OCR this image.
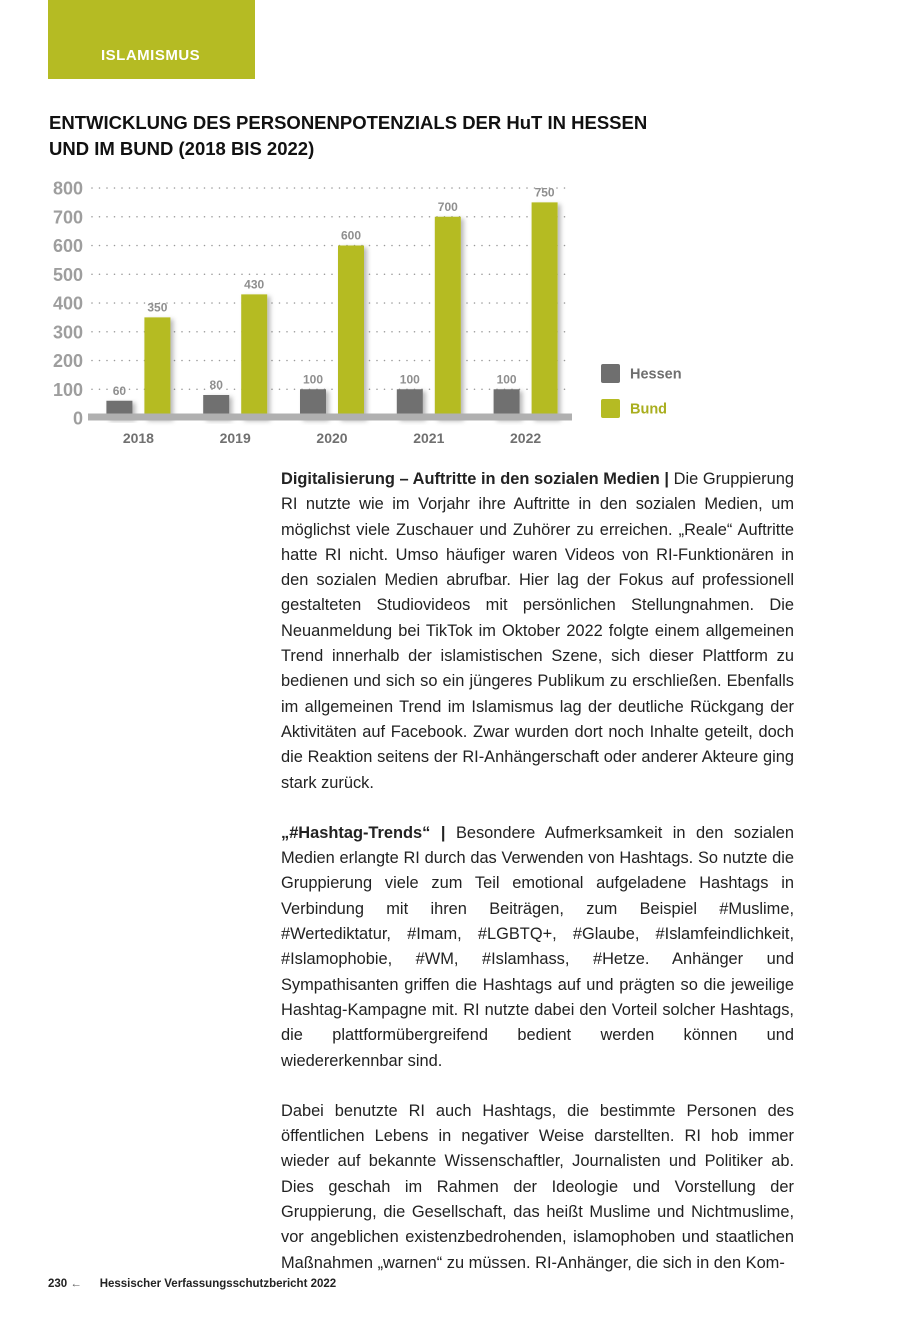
ISLAMISMUS
ENTWICKLUNG DES PERSONENPOTENZIALS DER HuT IN HESSEN
UND IM BUND (2018 BIS 2022)
60
350
80
430
100
600
100
700
100
750
800
700
600
500
400
300
200
100
0
2018	2019	2020	2021	2022
Hessen
Bund

Digitalisierung – Auftritte in den sozialen Medien | Die Gruppierung RI nutzte wie im Vorjahr ihre Auftritte in den sozialen Medien, um möglichst viele Zuschauer und Zuhörer zu erreichen. „Reale“ Auftritte hatte RI nicht. Umso häufiger waren Videos von RI-Funktionären in den sozialen Medien abrufbar. Hier lag der Fokus auf professionell gestalteten Studiovideos mit persönlichen Stellungnahmen. Die Neuanmeldung bei TikTok im Oktober 2022 folgte einem allgemeinen Trend innerhalb der islamistischen Szene, sich dieser Plattform zu bedienen und sich so ein jüngeres Publikum zu erschließen. Ebenfalls im allgemeinen Trend im Islamismus lag der deutliche Rückgang der Aktivitäten auf Facebook. Zwar wurden dort noch Inhalte geteilt, doch die Reaktion seitens der RI-Anhängerschaft oder anderer Akteure ging stark zurück.

„#Hashtag-Trends“ | Besondere Aufmerksamkeit in den sozialen Medien erlangte RI durch das Verwenden von Hashtags. So nutzte die Gruppierung viele zum Teil emotional aufgeladene Hashtags in Verbindung mit ihren Beiträgen, zum Beispiel #Muslime, #Wertediktatur, #Imam, #LGBTQ+, #Glaube, #Islamfeindlichkeit, #Islamophobie, #WM, #Islamhass, #Hetze. Anhänger und Sympathisanten griffen die Hashtags auf und prägten so die jeweilige Hashtag-Kampagne mit. RI nutzte dabei den Vorteil solcher Hashtags, die plattformübergreifend bedient werden können und wiedererkennbar sind.

Dabei benutzte RI auch Hashtags, die bestimmte Personen des öffentlichen Lebens in negativer Weise darstellten. RI hob immer wieder auf bekannte Wissenschaftler, Journalisten und Politiker ab. Dies geschah im Rahmen der Ideologie und Vorstellung der Gruppierung, die Gesellschaft, das heißt Muslime und Nichtmuslime, vor angeblichen existenzbedrohenden, islamophoben und staatlichen Maßnahmen „warnen“ zu müssen. RI-Anhänger, die sich in den Kom-

230 ← Hessischer Verfassungsschutzbericht 2022
